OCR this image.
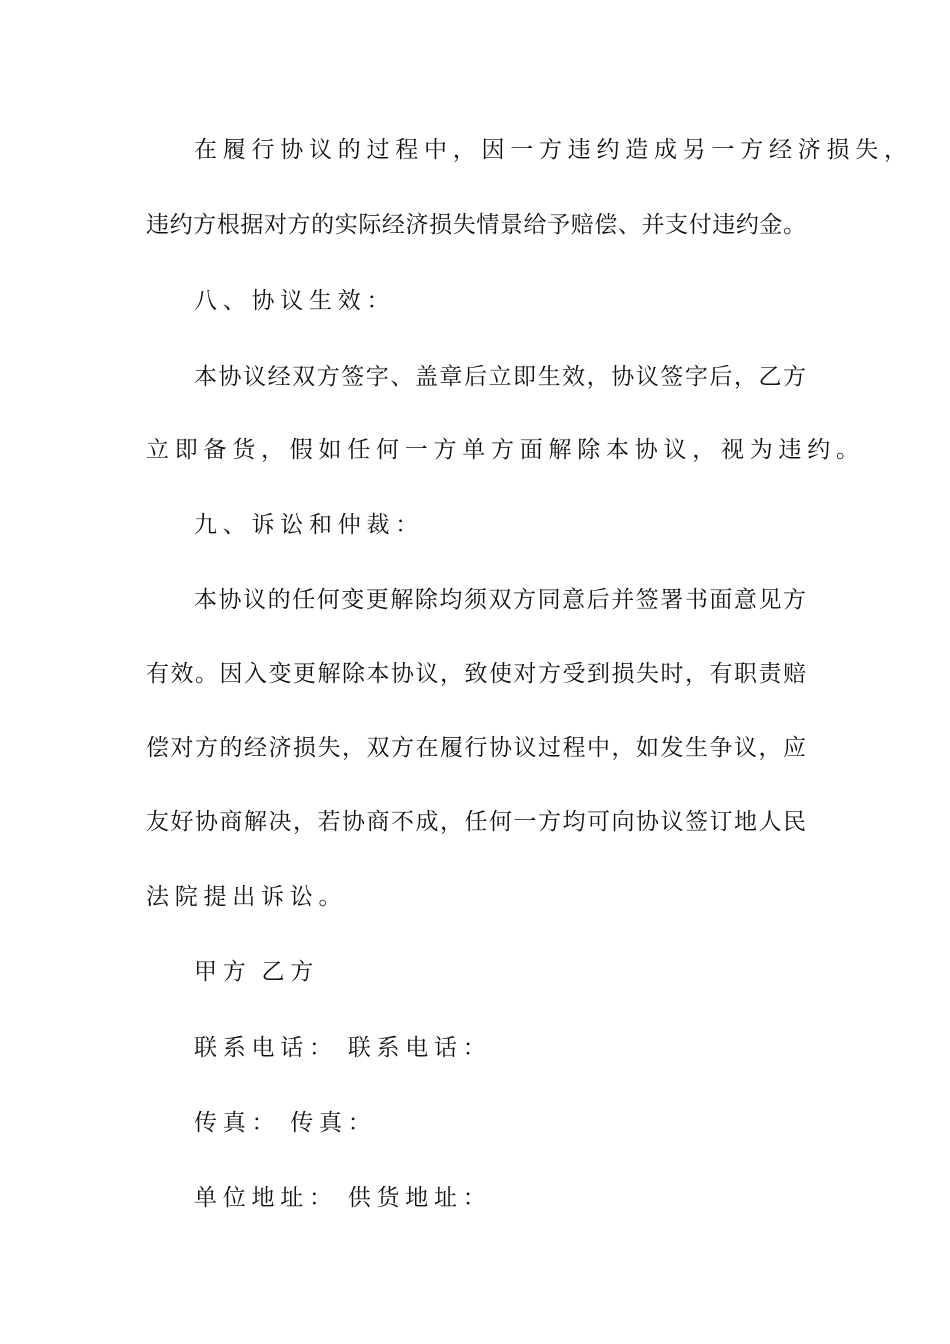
在履行协议的过程中，因一方违约造成另一方经济损失，
违约方根据对方的实际经济损失情景给予赔偿、并支付违约金。
八、协议生效：
本协议经双方签字、盖章后立即生效，协议签字后，乙方
立即备货，假如任何一方单方面解除本协议，视为违约。
九、诉讼和仲裁：
本协议的任何变更解除均须双方同意后并签署书面意见方
有效。因入变更解除本协议，致使对方受到损失时，有职责赔
偿对方的经济损失，双方在履行协议过程中，如发生争议，应
友好协商解决，若协商不成，任何一方均可向协议签订地人民
法院提出诉讼。
甲方 乙方
联系电话： 联系电话：
传真： 传真：
单位地址： 供货地址：
